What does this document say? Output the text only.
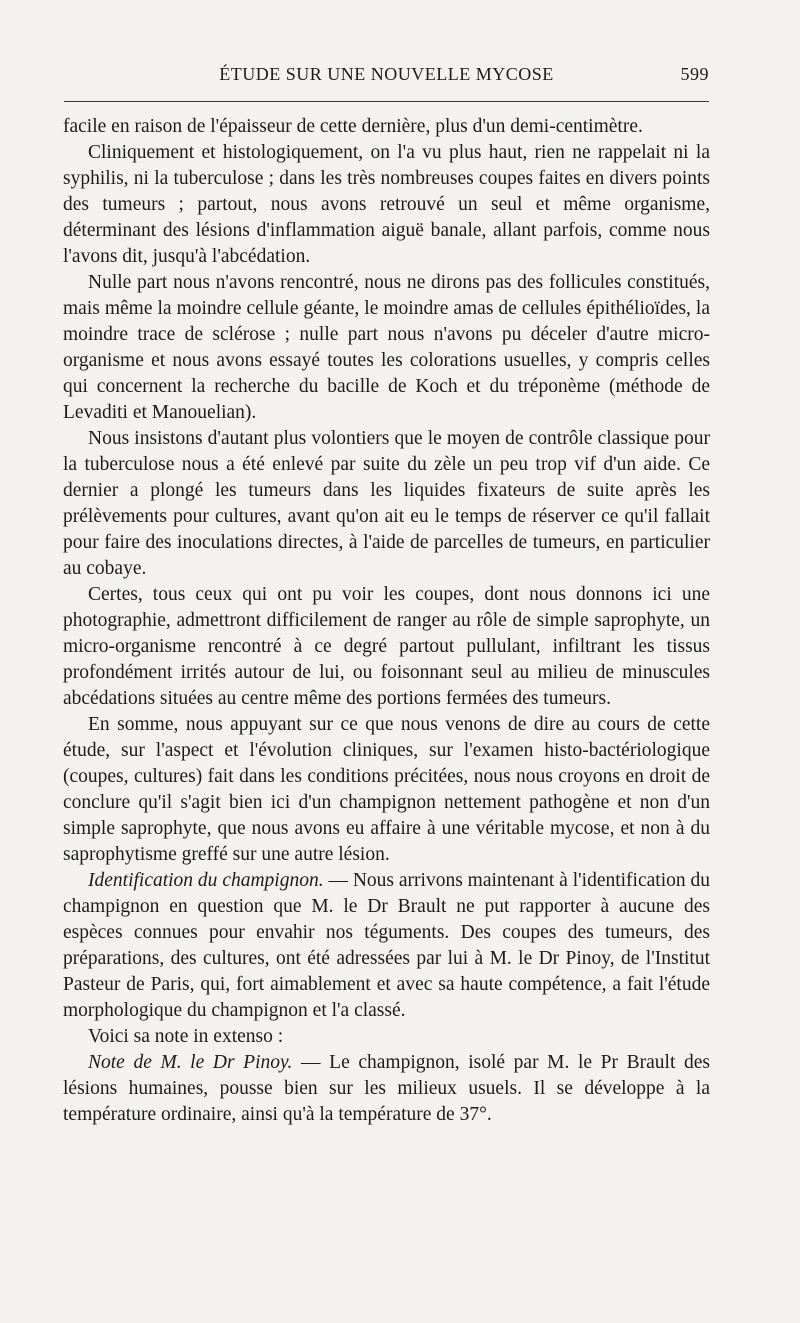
ÉTUDE SUR UNE NOUVELLE MYCOSE	599

facile en raison de l'épaisseur de cette dernière, plus d'un demi-centimètre.

Cliniquement et histologiquement, on l'a vu plus haut, rien ne rappelait ni la syphilis, ni la tuberculose ; dans les très nombreuses coupes faites en divers points des tumeurs ; partout, nous avons retrouvé un seul et même organisme, déterminant des lésions d'inflammation aiguë banale, allant parfois, comme nous l'avons dit, jusqu'à l'abcédation.

Nulle part nous n'avons rencontré, nous ne dirons pas des follicules constitués, mais même la moindre cellule géante, le moindre amas de cellules épithélioïdes, la moindre trace de sclérose ; nulle part nous n'avons pu déceler d'autre micro-organisme et nous avons essayé toutes les colorations usuelles, y compris celles qui concernent la recherche du bacille de Koch et du tréponème (méthode de Levaditi et Manouelian).

Nous insistons d'autant plus volontiers que le moyen de contrôle classique pour la tuberculose nous a été enlevé par suite du zèle un peu trop vif d'un aide. Ce dernier a plongé les tumeurs dans les liquides fixateurs de suite après les prélèvements pour cultures, avant qu'on ait eu le temps de réserver ce qu'il fallait pour faire des inoculations directes, à l'aide de parcelles de tumeurs, en particulier au cobaye.

Certes, tous ceux qui ont pu voir les coupes, dont nous donnons ici une photographie, admettront difficilement de ranger au rôle de simple saprophyte, un micro-organisme rencontré à ce degré partout pullulant, infiltrant les tissus profondément irrités autour de lui, ou foisonnant seul au milieu de minuscules abcédations situées au centre même des portions fermées des tumeurs.

En somme, nous appuyant sur ce que nous venons de dire au cours de cette étude, sur l'aspect et l'évolution cliniques, sur l'examen histo-bactériologique (coupes, cultures) fait dans les conditions précitées, nous nous croyons en droit de conclure qu'il s'agit bien ici d'un champignon nettement pathogène et non d'un simple saprophyte, que nous avons eu affaire à une véritable mycose, et non à du saprophytisme greffé sur une autre lésion.

Identification du champignon. — Nous arrivons maintenant à l'identification du champignon en question que M. le Dr Brault ne put rapporter à aucune des espèces connues pour envahir nos téguments. Des coupes des tumeurs, des préparations, des cultures, ont été adressées par lui à M. le Dr Pinoy, de l'Institut Pasteur de Paris, qui, fort aimablement et avec sa haute compétence, a fait l'étude morphologique du champignon et l'a classé.

Voici sa note in extenso :

Note de M. le Dr Pinoy. — Le champignon, isolé par M. le Pr Brault des lésions humaines, pousse bien sur les milieux usuels. Il se développe à la température ordinaire, ainsi qu'à la température de 37°.
